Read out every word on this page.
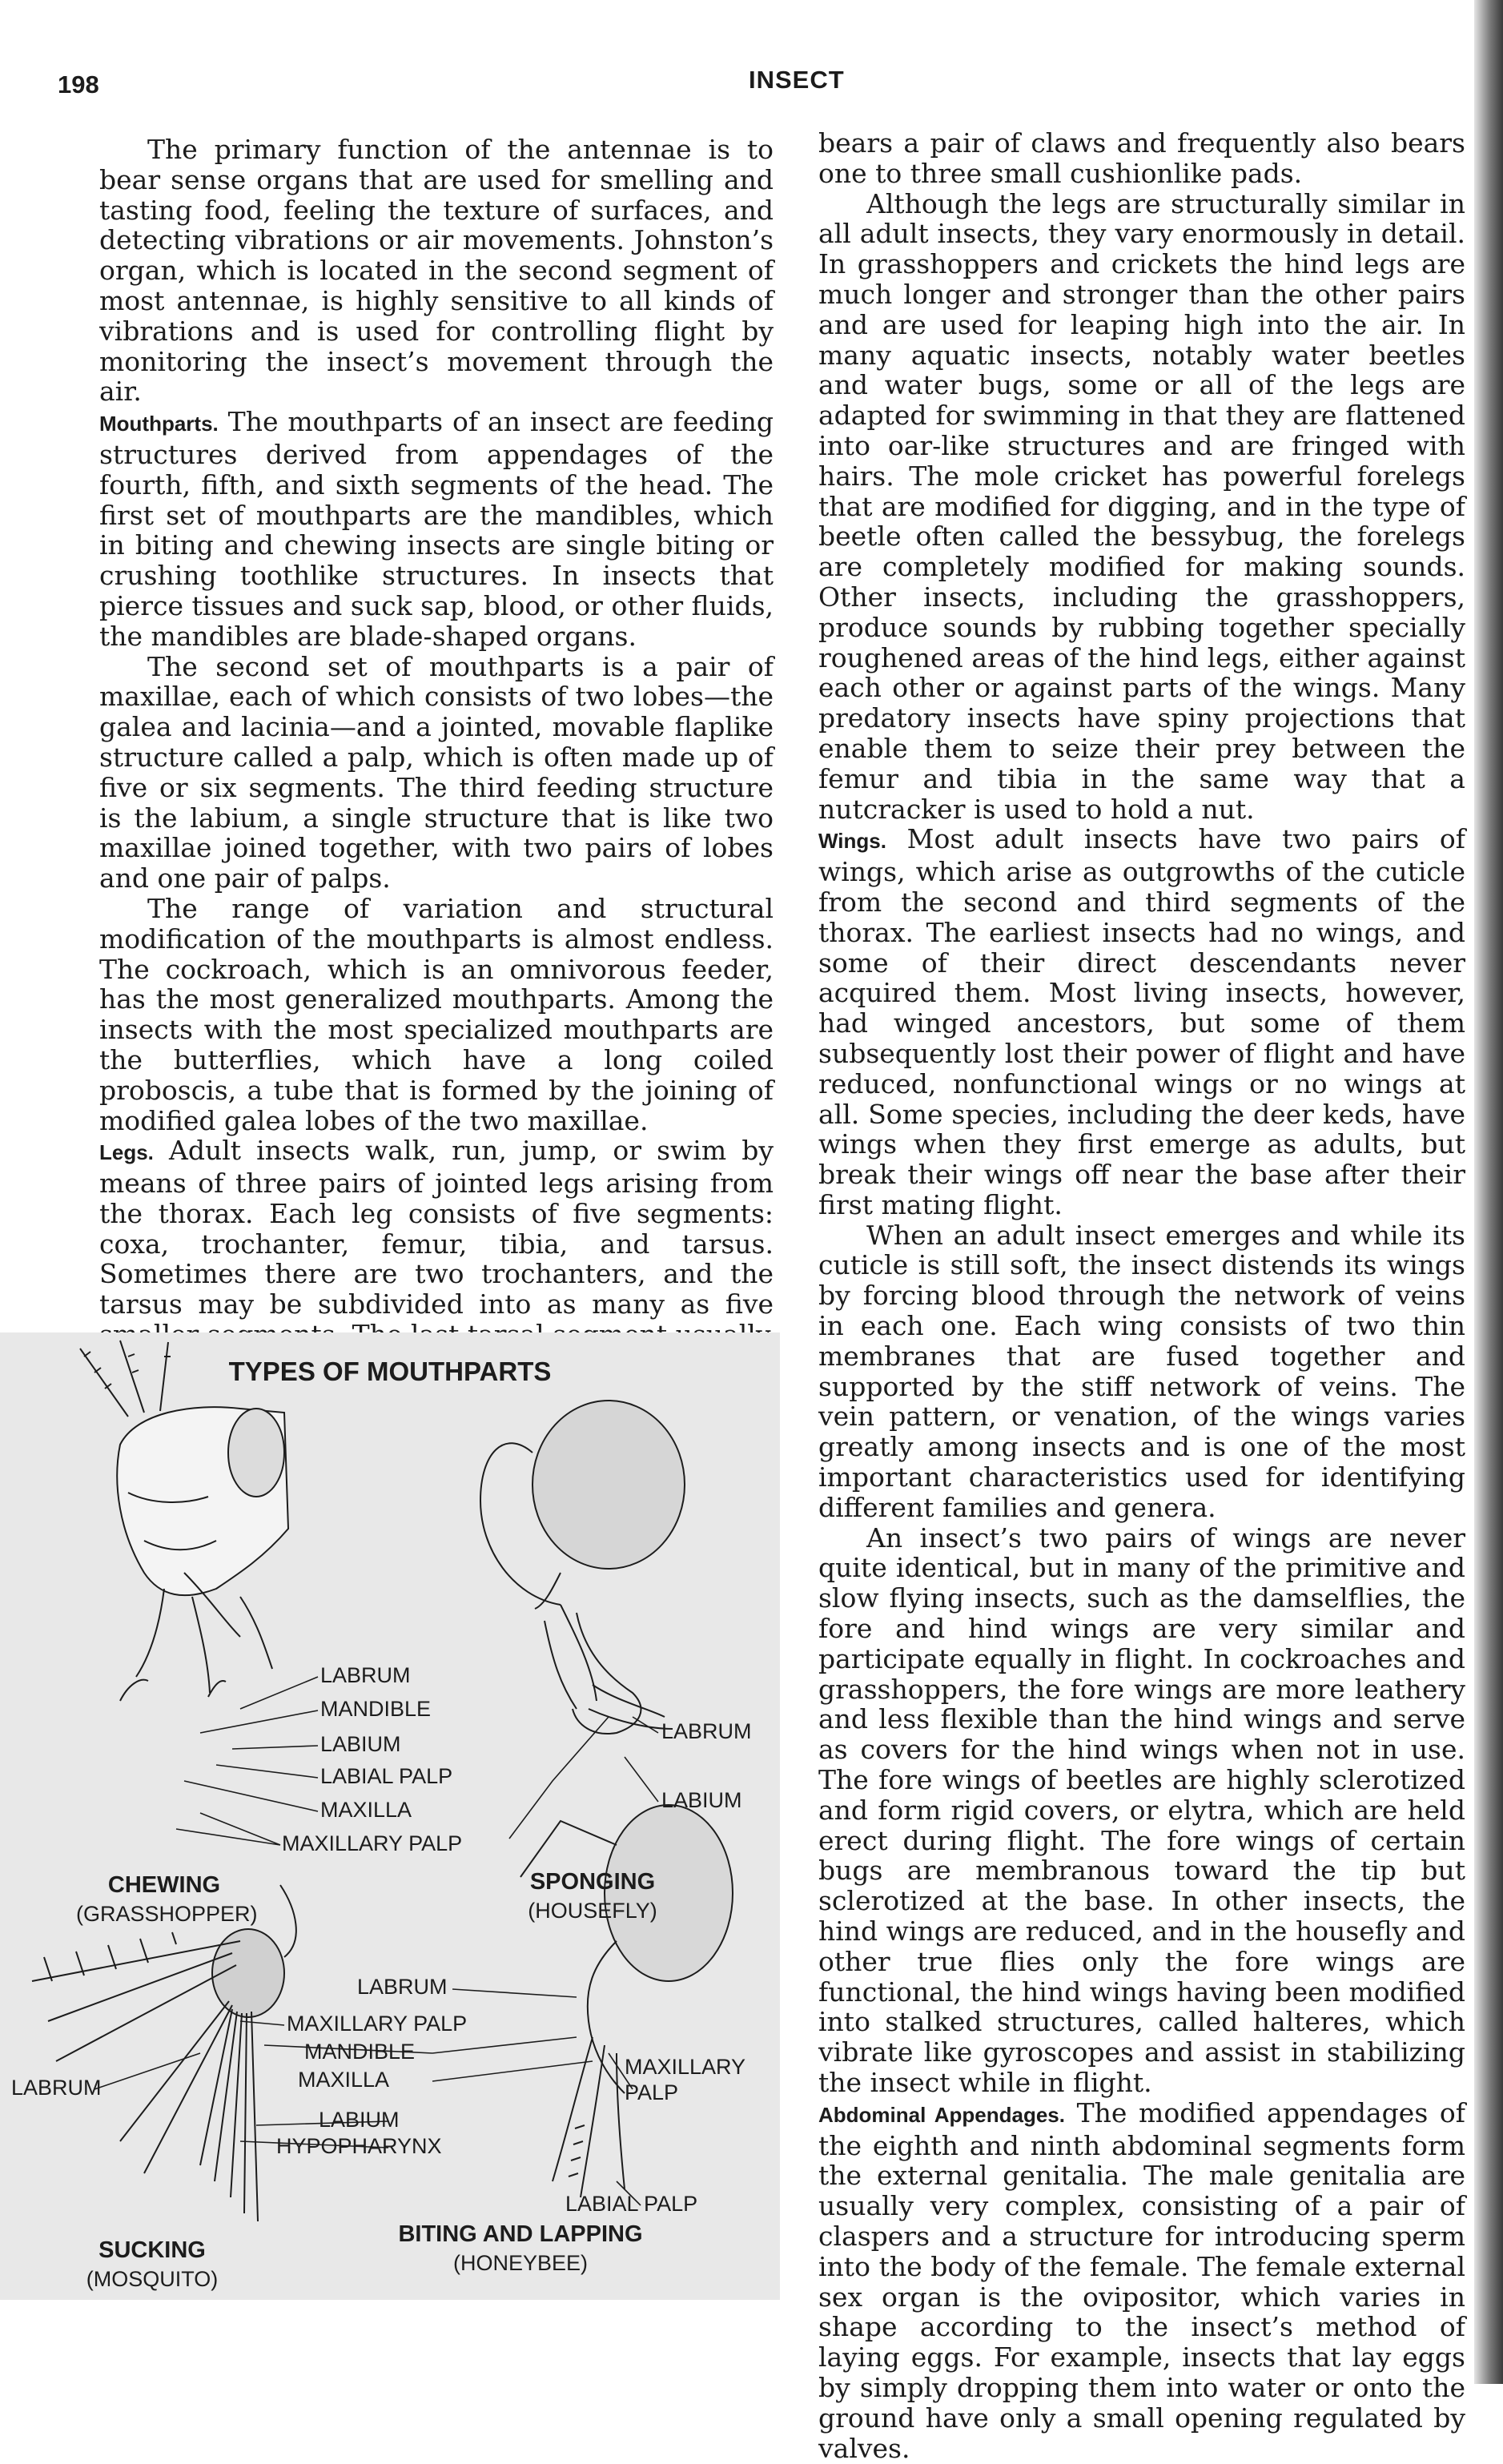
198	INSECT

The primary function of the antennae is to bear sense organs that are used for smelling and tasting food, feeling the texture of surfaces, and detecting vibrations or air movements. Johnston’s organ, which is located in the second segment of most antennae, is highly sensitive to all kinds of vibrations and is used for controlling flight by monitoring the insect’s movement through the air.

Mouthparts. The mouthparts of an insect are feeding structures derived from appendages of the fourth, fifth, and sixth segments of the head. The first set of mouthparts are the mandibles, which in biting and chewing insects are single biting or crushing toothlike structures. In insects that pierce tissues and suck sap, blood, or other fluids, the mandibles are blade-shaped organs.

The second set of mouthparts is a pair of maxillae, each of which consists of two lobes—the galea and lacinia—and a jointed, movable flaplike structure called a palp, which is often made up of five or six segments. The third feeding structure is the labium, a single structure that is like two maxillae joined together, with two pairs of lobes and one pair of palps.

The range of variation and structural modification of the mouthparts is almost endless. The cockroach, which is an omnivorous feeder, has the most generalized mouthparts. Among the insects with the most specialized mouthparts are the butterflies, which have a long coiled proboscis, a tube that is formed by the joining of modified galea lobes of the two maxillae.

Legs. Adult insects walk, run, jump, or swim by means of three pairs of jointed legs arising from the thorax. Each leg consists of five segments: coxa, trochanter, femur, tibia, and tarsus. Sometimes there are two trochanters, and the tarsus may be subdivided into as many as five

bears a pair of claws and frequently also bears one to three small cushionlike pads.

Although the legs are structurally similar in all adult insects, they vary enormously in detail. In grasshoppers and crickets the hind legs are much longer and stronger than the other pairs and are used for leaping high into the air. In many aquatic insects, notably water beetles and water bugs, some or all of the legs are adapted for swimming in that they are flattened into oar-like structures and are fringed with hairs. The mole cricket has powerful forelegs that are modified for digging, and in the type of beetle often called the bessybug, the forelegs are completely modified for making sounds. Other insects, including the grasshoppers, produce sounds by rubbing together specially roughened areas of the hind legs, either against each other or against parts of the wings. Many predatory insects have spiny projections that enable them to seize their prey between the femur and tibia in the same way that a nutcracker is used to hold a nut.

Wings. Most adult insects have two pairs of wings, which arise as outgrowths of the cuticle from the second and third segments of the thorax. The earliest insects had no wings, and some of their direct descendants never acquired them. Most living insects, however, had winged ancestors, but some of them subsequently lost their power of flight and have reduced, nonfunctional wings or no wings at all. Some species, including the deer keds, have wings when they first emerge as adults, but break their wings off near the base after their first mating flight.

When an adult insect emerges and while its cuticle is still soft, the insect distends its wings by forcing blood through the network of veins in each one. Each wing consists of two thin membranes that are fused together and supported by the stiff network of veins. The vein pattern, or venation, of the wings varies greatly among insects and is one of the most important characteristics used for identifying different families and genera.

An insect’s two pairs of wings are never quite identical, but in many of the primitive and slow flying insects, such as the damselflies, the fore and hind wings are very similar and participate equally in flight. In cockroaches and grasshoppers, the fore wings are more leathery and less flexible than the hind wings and serve as covers for the hind wings when not in use. The fore wings of beetles are highly sclerotized and form rigid covers, or elytra, which are held erect during flight. The fore wings of certain bugs are membranous toward the tip but sclerotized at the base. In other insects, the hind wings are reduced, and in the housefly and other true flies only the fore wings are functional, the hind wings having been modified into stalked structures, called halteres, which vibrate like gyroscopes and assist in stabilizing the insect while in flight.

Abdominal Appendages. The modified appendages of the eighth and ninth abdominal segments form the external genitalia. The male genitalia are usually very complex, consisting of a pair of claspers and a structure for introducing sperm into the body of the female. The female external sex organ is the ovipositor, which varies in shape according to the insect’s method of laying eggs. For example, insects that lay eggs by simply dropping them into water or onto the ground have only a small opening regulated by valves.

TYPES OF MOUTHPARTS
LABRUM
MANDIBLE
LABIUM
LABIAL PALP
MAXILLA
MAXILLARY PALP
CHEWING
(GRASSHOPPER)
LABRUM
LABIUM
SPONGING
(HOUSEFLY)
LABRUM
MAXILLARY PALP
MANDIBLE
MAXILLA
LABIUM
HYPOPHARYNX
LABRUM
SUCKING
(MOSQUITO)
MAXILLARY
PALP
LABIAL PALP
BITING AND LAPPING
(HONEYBEE)
